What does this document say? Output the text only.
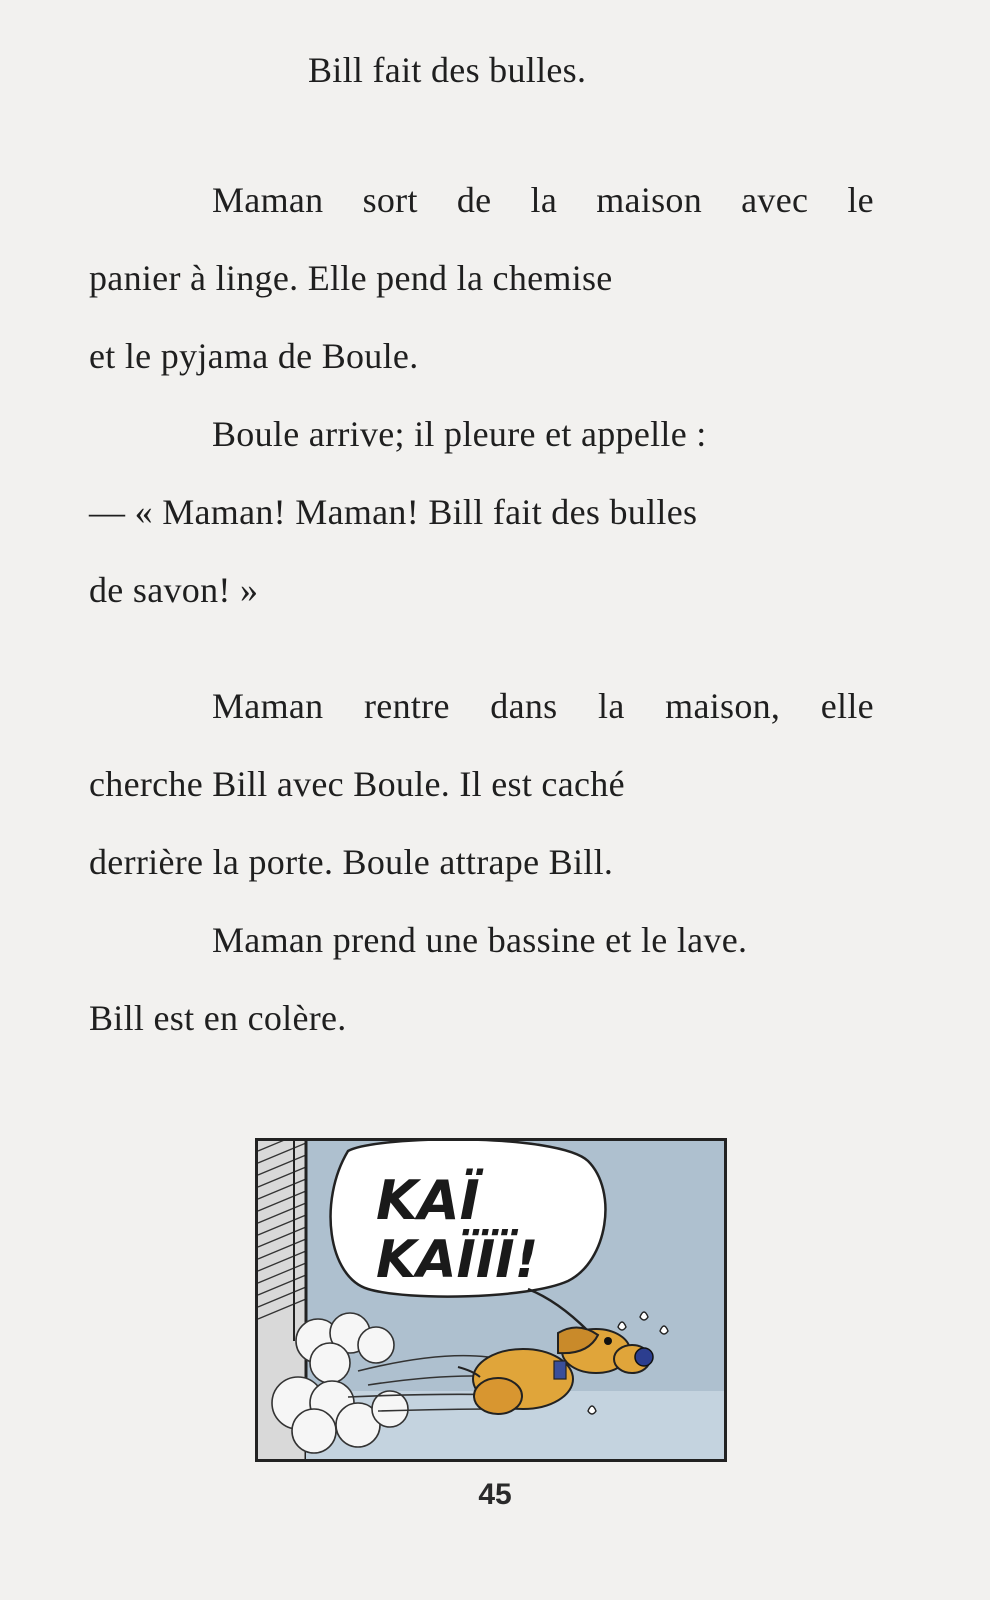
Bill fait des bulles.
Maman sort de la maison avec le
panier à linge. Elle pend la chemise
et le pyjama de Boule.
Boule arrive; il pleure et appelle :
— « Maman! Maman! Bill fait des bulles
de savon! »
Maman rentre dans la maison, elle
cherche Bill avec Boule. Il est caché
derrière la porte. Boule attrape Bill.
Maman prend une bassine et le lave.
Bill est en colère.
KAÏ
KAÏÏÏ!
45
